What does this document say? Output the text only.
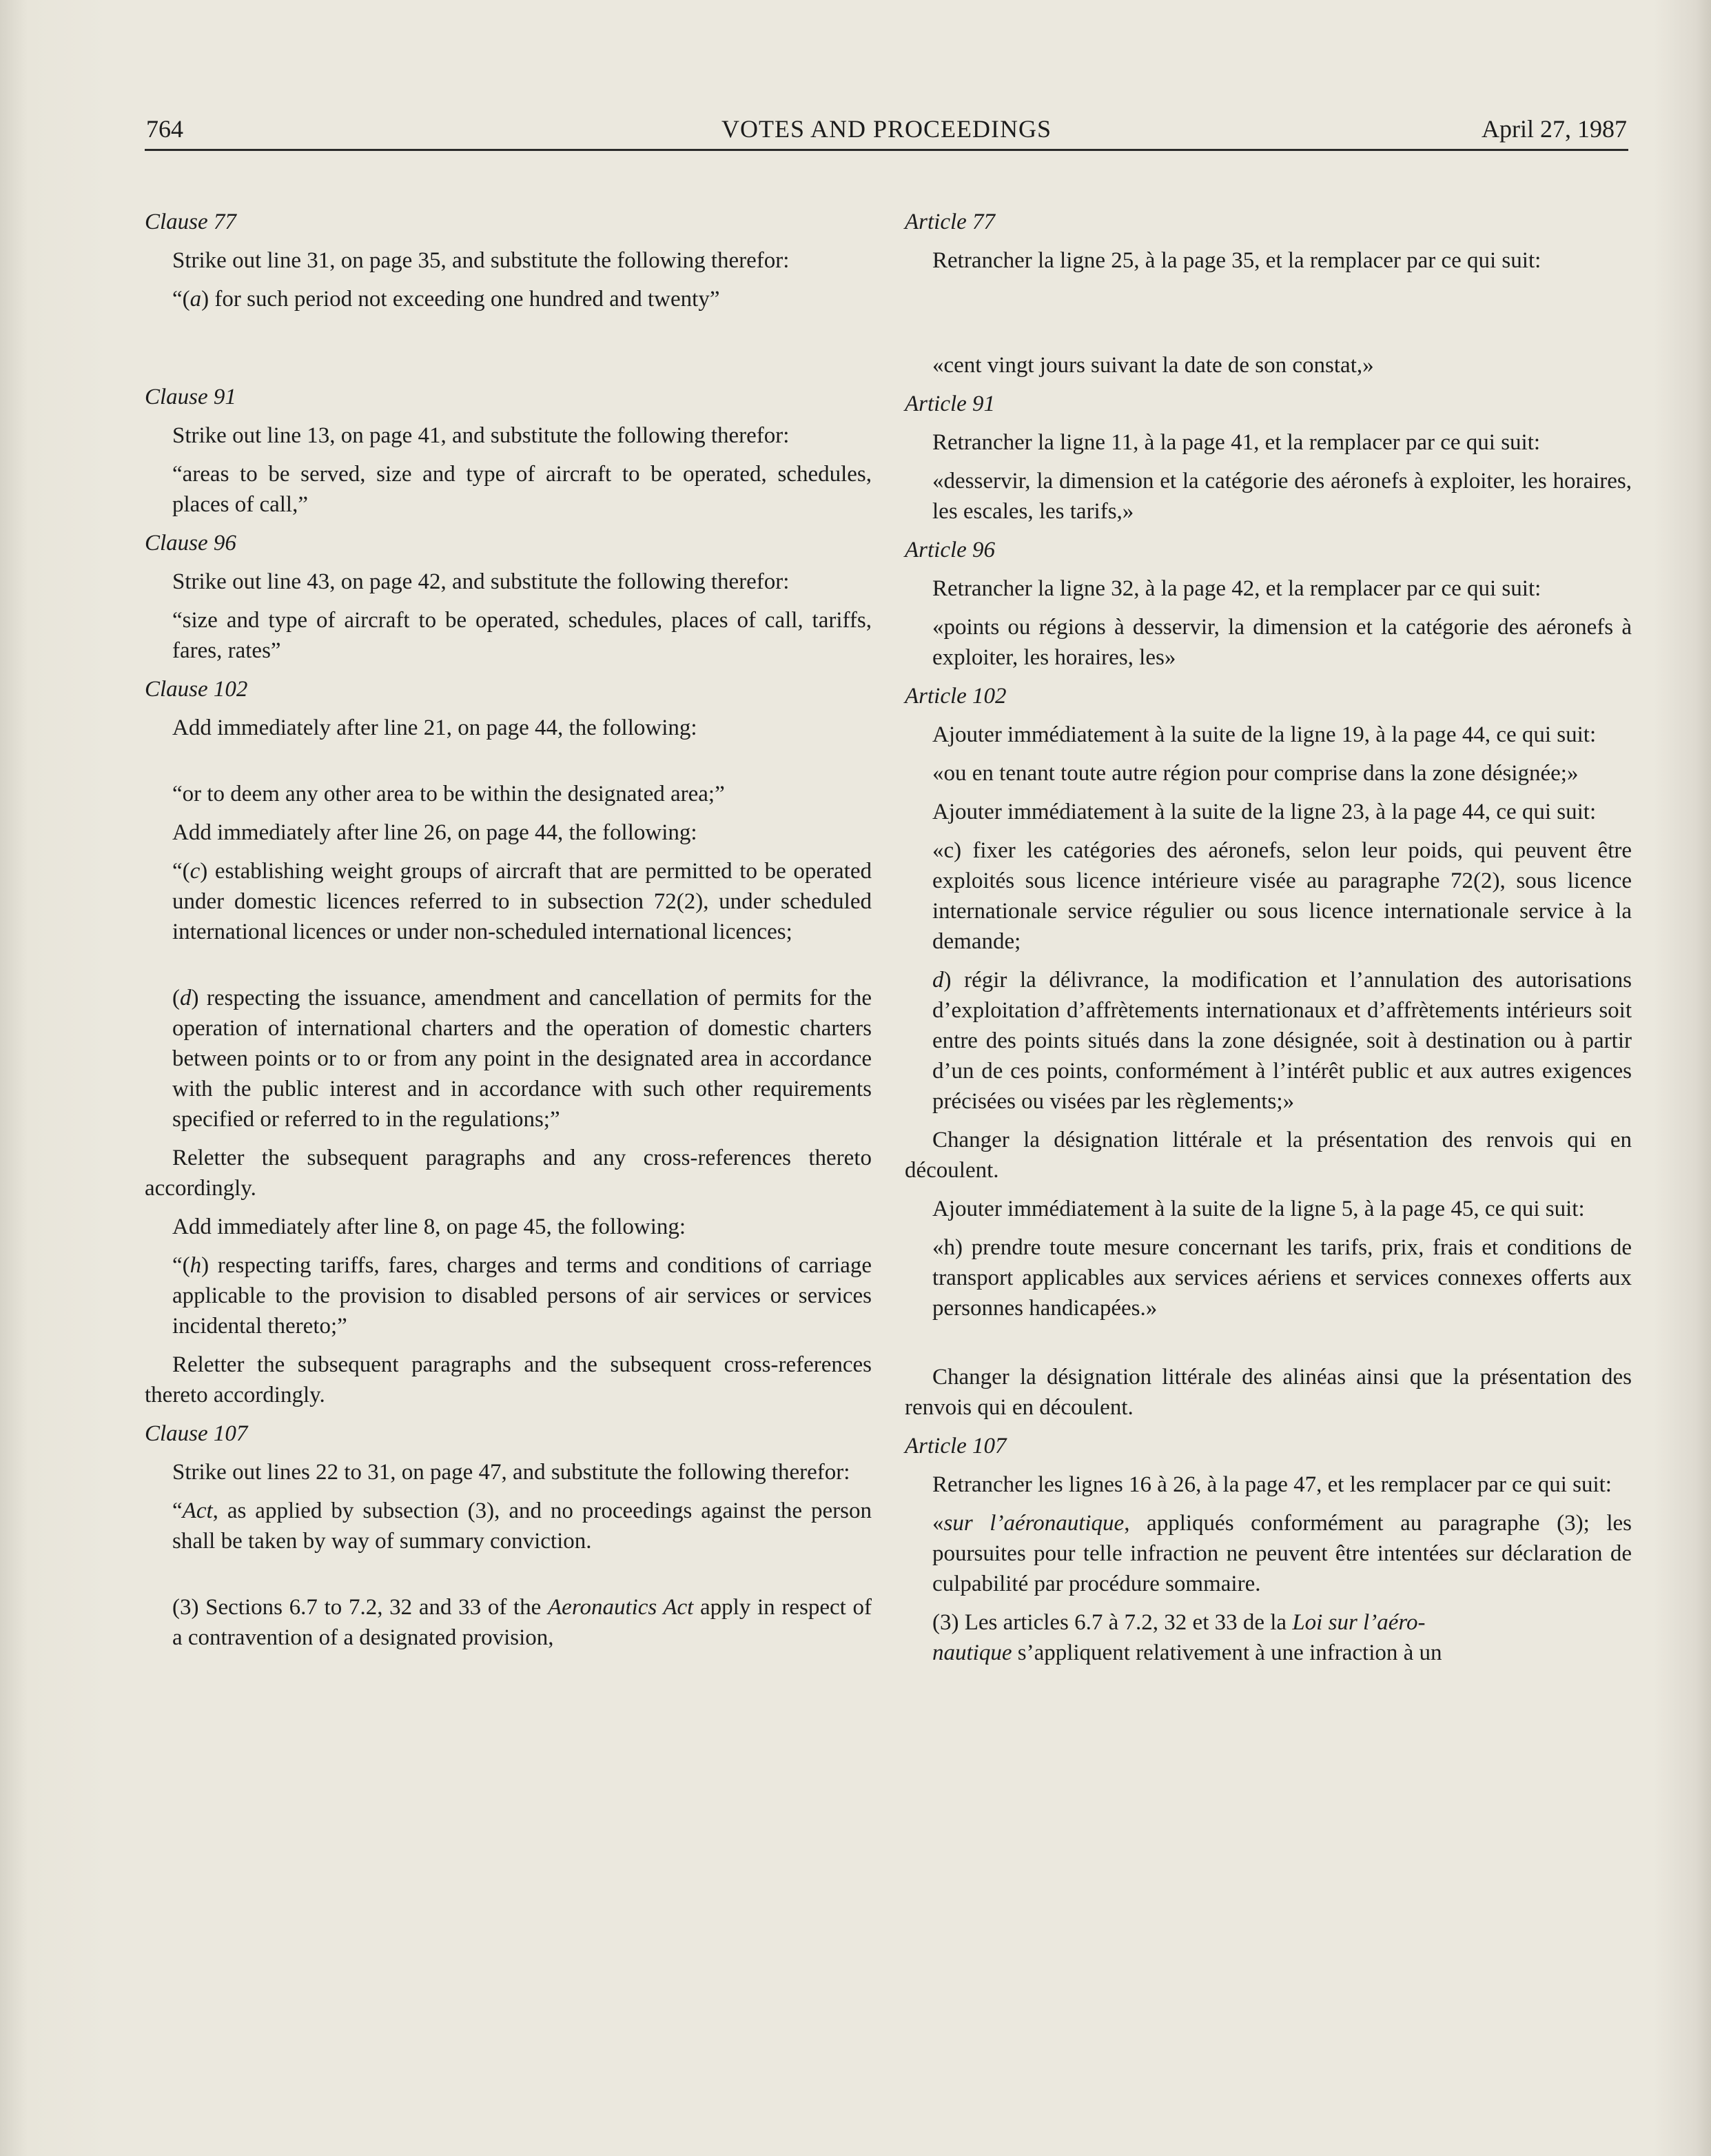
764	VOTES AND PROCEEDINGS	April 27, 1987

Clause 77

Strike out line 31, on page 35, and substitute the following therefor:

“(a) for such period not exceeding one hundred and twenty”

Clause 91

Strike out line 13, on page 41, and substitute the following therefor:

“areas to be served, size and type of aircraft to be operated, schedules, places of call,”

Clause 96

Strike out line 43, on page 42, and substitute the following therefor:

“size and type of aircraft to be operated, schedules, places of call, tariffs, fares, rates”

Clause 102

Add immediately after line 21, on page 44, the following:

“or to deem any other area to be within the designated area;”

Add immediately after line 26, on page 44, the following:

“(c) establishing weight groups of aircraft that are permitted to be operated under domestic licences referred to in subsection 72(2), under scheduled international licences or under non-scheduled international licences;

(d) respecting the issuance, amendment and cancellation of permits for the operation of international charters and the operation of domestic charters between points or to or from any point in the designated area in accordance with the public interest and in accordance with such other requirements specified or referred to in the regulations;”

Reletter the subsequent paragraphs and any cross-references thereto accordingly.

Add immediately after line 8, on page 45, the following:

“(h) respecting tariffs, fares, charges and terms and conditions of carriage applicable to the provision to disabled persons of air services or services incidental thereto;”

Reletter the subsequent paragraphs and the subsequent cross-references thereto accordingly.

Clause 107

Strike out lines 22 to 31, on page 47, and substitute the following therefor:

“Act, as applied by subsection (3), and no proceedings against the person shall be taken by way of summary conviction.

(3) Sections 6.7 to 7.2, 32 and 33 of the Aeronautics Act apply in respect of a contravention of a designated provision,

Article 77

Retrancher la ligne 25, à la page 35, et la remplacer par ce qui suit:

«cent vingt jours suivant la date de son constat,»

Article 91

Retrancher la ligne 11, à la page 41, et la remplacer par ce qui suit:

«desservir, la dimension et la catégorie des aéronefs à exploiter, les horaires, les escales, les tarifs,»

Article 96

Retrancher la ligne 32, à la page 42, et la remplacer par ce qui suit:

«points ou régions à desservir, la dimension et la catégorie des aéronefs à exploiter, les horaires, les»

Article 102

Ajouter immédiatement à la suite de la ligne 19, à la page 44, ce qui suit:

«ou en tenant toute autre région pour comprise dans la zone désignée;»

Ajouter immédiatement à la suite de la ligne 23, à la page 44, ce qui suit:

«c) fixer les catégories des aéronefs, selon leur poids, qui peuvent être exploités sous licence intérieure visée au paragraphe 72(2), sous licence internationale service régulier ou sous licence internationale service à la demande;

d) régir la délivrance, la modification et l’annulation des autorisations d’exploitation d’affrètements internationaux et d’affrètements intérieurs soit entre des points situés dans la zone désignée, soit à destination ou à partir d’un de ces points, conformément à l’intérêt public et aux autres exigences précisées ou visées par les règlements;»

Changer la désignation littérale et la présentation des renvois qui en découlent.

Ajouter immédiatement à la suite de la ligne 5, à la page 45, ce qui suit:

«h) prendre toute mesure concernant les tarifs, prix, frais et conditions de transport applicables aux services aériens et services connexes offerts aux personnes handicapées.»

Changer la désignation littérale des alinéas ainsi que la présentation des renvois qui en découlent.

Article 107

Retrancher les lignes 16 à 26, à la page 47, et les remplacer par ce qui suit:

«sur l’aéronautique, appliqués conformément au paragraphe (3); les poursuites pour telle infraction ne peuvent être intentées sur déclaration de culpabilité par procédure sommaire.

(3) Les articles 6.7 à 7.2, 32 et 33 de la Loi sur l’aéro-
nautique s’appliquent relativement à une infraction à un
